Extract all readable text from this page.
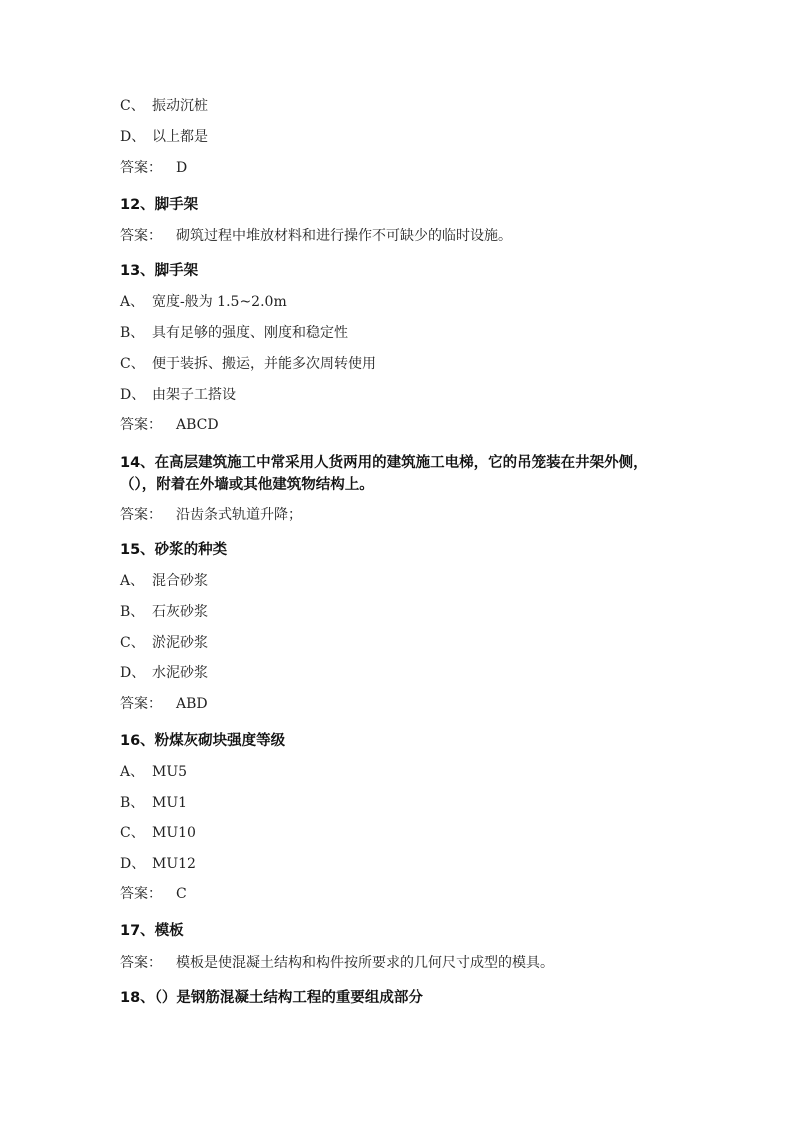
C、 振动沉桩
D、 以上都是
答案： D
12、脚手架
答案： 砌筑过程中堆放材料和进行操作不可缺少的临时设施。
13、脚手架
A、 宽度-般为 1.5~2.0m
B、 具有足够的强度、刚度和稳定性
C、 便于装拆、搬运，并能多次周转使用
D、 由架子工搭设
答案： ABCD
14、在高层建筑施工中常采用人货两用的建筑施工电梯，它的吊笼装在井架外侧，（），附着在外墙或其他建筑物结构上。
答案： 沿齿条式轨道升降；
15、砂浆的种类
A、 混合砂浆
B、 石灰砂浆
C、 淤泥砂浆
D、 水泥砂浆
答案： ABD
16、粉煤灰砌块强度等级
A、 MU5
B、 MU1
C、 MU10
D、 MU12
答案： C
17、模板
答案： 模板是使混凝土结构和构件按所要求的几何尺寸成型的模具。
18、（）是钢筋混凝土结构工程的重要组成部分
